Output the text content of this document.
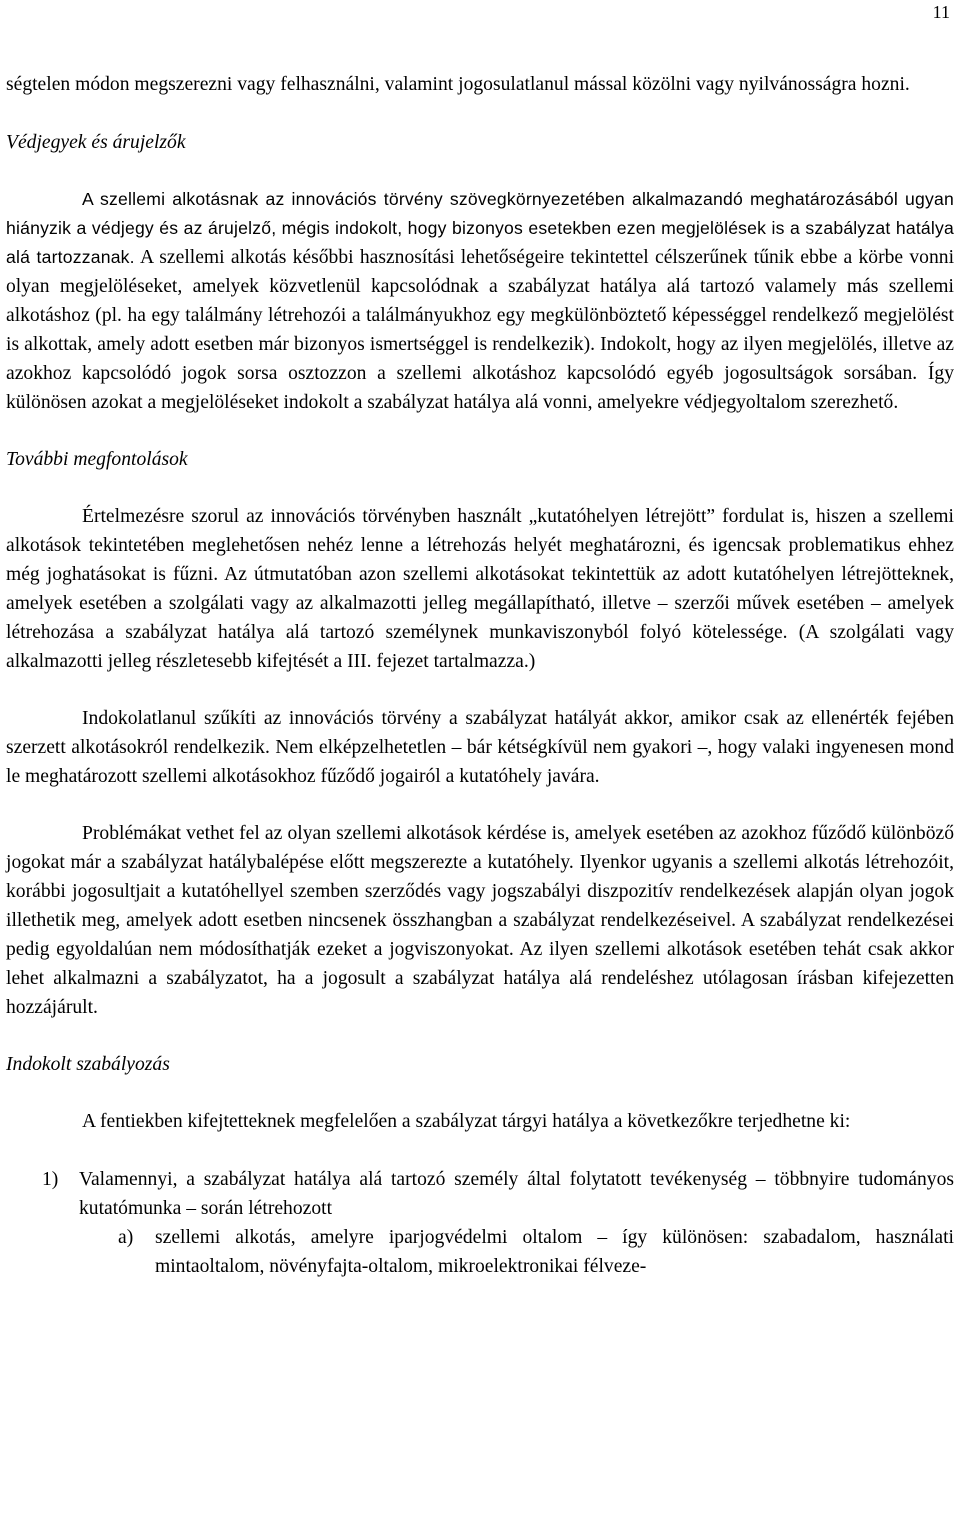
11

ségtelen módon megszerezni vagy felhasználni, valamint jogosulatlanul mással közölni vagy nyilvánosságra hozni.

Védjegyek és árujelzők

A szellemi alkotásnak az innovációs törvény szövegkörnyezetében alkalmazandó meghatározásából ugyan hiányzik a védjegy és az árujelző, mégis indokolt, hogy bizonyos esetekben ezen megjelölések is a szabályzat hatálya alá tartozzanak. A szellemi alkotás későbbi hasznosítási lehetőségeire tekintettel célszerűnek tűnik ebbe a körbe vonni olyan megjelöléseket, amelyek közvetlenül kapcsolódnak a szabályzat hatálya alá tartozó valamely más szellemi alkotáshoz (pl. ha egy találmány létrehozói a találmányukhoz egy megkülönböztető képességgel rendelkező megjelölést is alkottak, amely adott esetben már bizonyos ismertséggel is rendelkezik). Indokolt, hogy az ilyen megjelölés, illetve az azokhoz kapcsolódó jogok sorsa osztozzon a szellemi alkotáshoz kapcsolódó egyéb jogosultságok sorsában. Így különösen azokat a megjelöléseket indokolt a szabályzat hatálya alá vonni, amelyekre védjegyoltalom szerezhető.

További megfontolások

Értelmezésre szorul az innovációs törvényben használt „kutatóhelyen létrejött” fordulat is, hiszen a szellemi alkotások tekintetében meglehetősen nehéz lenne a létrehozás helyét meghatározni, és igencsak problematikus ehhez még joghatásokat is fűzni. Az útmutatóban azon szellemi alkotásokat tekintettük az adott kutatóhelyen létrejötteknek, amelyek esetében a szolgálati vagy az alkalmazotti jelleg megállapítható, illetve – szerzői művek esetében – amelyek létrehozása a szabályzat hatálya alá tartozó személynek munkaviszonyból folyó kötelessége. (A szolgálati vagy alkalmazotti jelleg részletesebb kifejtését a III. fejezet tartalmazza.)

Indokolatlanul szűkíti az innovációs törvény a szabályzat hatályát akkor, amikor csak az ellenérték fejében szerzett alkotásokról rendelkezik. Nem elképzelhetetlen – bár kétségkívül nem gyakori –, hogy valaki ingyenesen mond le meghatározott szellemi alkotásokhoz fűződő jogairól a kutatóhely javára.

Problémákat vethet fel az olyan szellemi alkotások kérdése is, amelyek esetében az azokhoz fűződő különböző jogokat már a szabályzat hatálybalépése előtt megszerezte a kutatóhely. Ilyenkor ugyanis a szellemi alkotás létrehozóit, korábbi jogosultjait a kutatóhellyel szemben szerződés vagy jogszabályi diszpozitív rendelkezések alapján olyan jogok illethetik meg, amelyek adott esetben nincsenek összhangban a szabályzat rendelkezéseivel. A szabályzat rendelkezései pedig egyoldalúan nem módosíthatják ezeket a jogviszonyokat. Az ilyen szellemi alkotások esetében tehát csak akkor lehet alkalmazni a szabályzatot, ha a jogosult a szabályzat hatálya alá rendeléshez utólagosan írásban kifejezetten hozzájárult.

Indokolt szabályozás

A fentiekben kifejtetteknek megfelelően a szabályzat tárgyi hatálya a következőkre terjedhetne ki:

1) Valamennyi, a szabályzat hatálya alá tartozó személy által folytatott tevékenység – többnyire tudományos kutatómunka – során létrehozott
a) szellemi alkotás, amelyre iparjogvédelmi oltalom – így különösen: szabadalom, használati mintaoltalom, növényfajta-oltalom, mikroelektronikai félveze-
